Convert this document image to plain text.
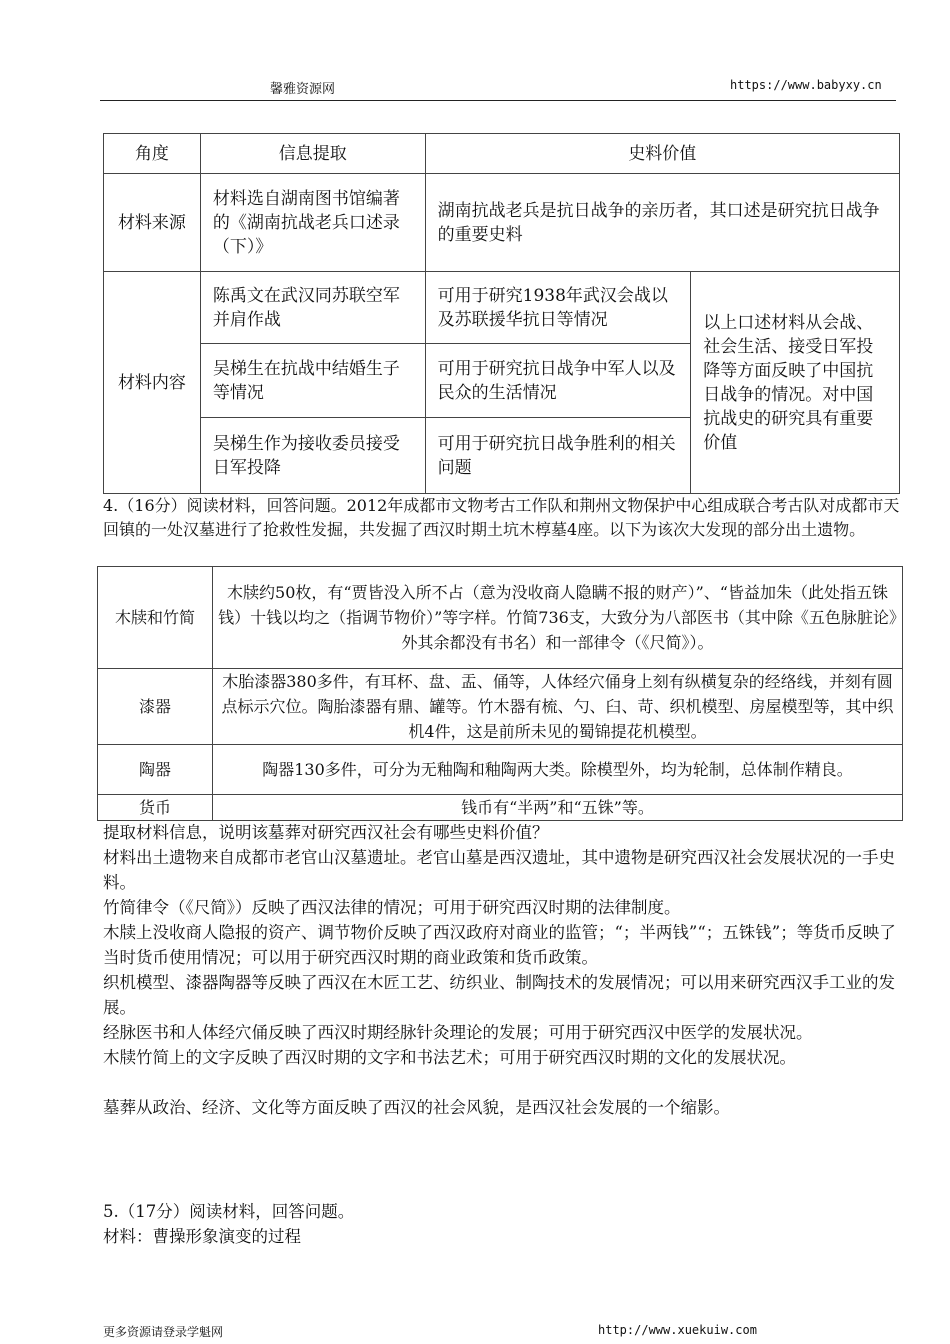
馨雅资源网	https://www.babyxy.cn
角度	信息提取	史料价值	
材料来源	材料选自湖南图书馆编著的《湖南抗战老兵口述录（下）》	湖南抗战老兵是抗日战争的亲历者，其口述是研究抗日战争的重要史料	
材料内容	陈禹文在武汉同苏联空军并肩作战	可用于研究1938年武汉会战以及苏联援华抗日等情况	以上口述材料从会战、社会生活、接受日军投降等方面反映了中国抗日战争的情况。对中国抗战史的研究具有重要价值
	吴梯生在抗战中结婚生子等情况	可用于研究抗日战争中军人以及民众的生活情况	
	吴梯生作为接收委员接受日军投降	可用于研究抗日战争胜利的相关问题	
4.（16分）阅读材料，回答问题。2012年成都市文物考古工作队和荆州文物保护中心组成联合考古队对成都市天回镇的一处汉墓进行了抢救性发掘，共发掘了西汉时期土坑木椁墓4座。以下为该次大发现的部分出土遗物。
木牍和竹简	木牍约50枚，有“贾皆没入所不占（意为没收商人隐瞒不报的财产）”、“皆益加朱（此处指五铢钱）十钱以均之（指调节物价）”等字样。竹简736支，大致分为八部医书（其中除《五色脉脏论》外其余都没有书名）和一部律令（《尺简》）。
漆器	木胎漆器380多件，有耳杯、盘、盂、俑等，人体经穴俑身上刻有纵横复杂的经络线，并刻有圆点标示穴位。陶胎漆器有鼎、罐等。竹木器有梳、勺、臼、苛、织机模型、房屋模型等，其中织机4件，这是前所未见的蜀锦提花机模型。
陶器	陶器130多件，可分为无釉陶和釉陶两大类。除模型外，均为轮制，总体制作精良。
货币	钱币有“半两”和“五铢”等。

提取材料信息，说明该墓葬对研究西汉社会有哪些史料价值？

材料出土遗物来自成都市老官山汉墓遗址。老官山墓是西汉遗址，其中遗物是研究西汉社会发展状况的一手史料。

竹简律令（《尺简》）反映了西汉法律的情况；可用于研究西汉时期的法律制度。

木牍上没收商人隐报的资产、调节物价反映了西汉政府对商业的监管；“；半两钱”“；五铢钱”；等货币反映了当时货币使用情况；可以用于研究西汉时期的商业政策和货币政策。

织机模型、漆器陶器等反映了西汉在木匠工艺、纺织业、制陶技术的发展情况；可以用来研究西汉手工业的发展。

经脉医书和人体经穴俑反映了西汉时期经脉针灸理论的发展；可用于研究西汉中医学的发展状况。

木牍竹简上的文字反映了西汉时期的文字和书法艺术；可用于研究西汉时期的文化的发展状况。

墓葬从政治、经济、文化等方面反映了西汉的社会风貌，是西汉社会发展的一个缩影。

5.（17分）阅读材料，回答问题。

材料：曹操形象演变的过程

更多资源请登录学魁网	http://www.xuekuiw.com
